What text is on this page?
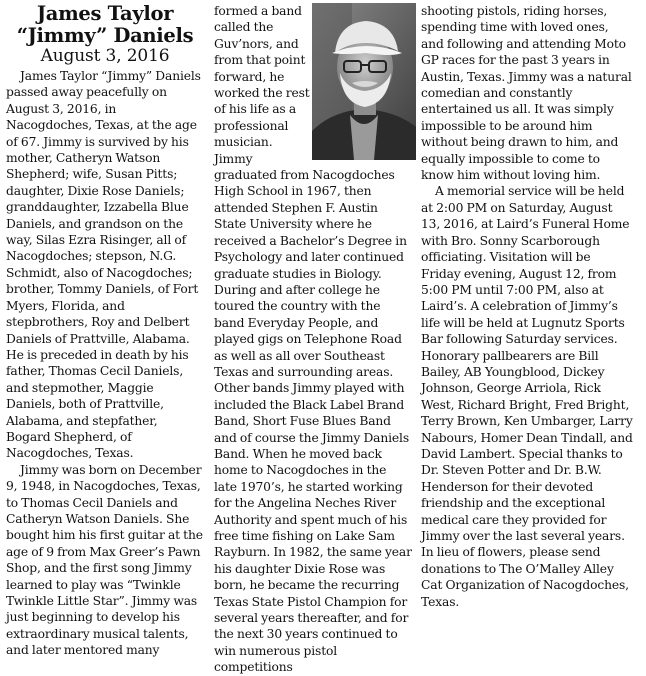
James Taylor
“Jimmy” Daniels
August 3, 2016

James Taylor “Jimmy” Daniels passed away peacefully on August 3, 2016, in Nacogdoches, Texas, at the age of 67. Jimmy is survived by his mother, Catheryn Watson Shepherd; wife, Susan Pitts; daughter, Dixie Rose Daniels; granddaughter, Izzabella Blue Daniels, and grandson on the way, Silas Ezra Risinger, all of Nacogdoches; stepson, N.G. Schmidt, also of Nacogdoches; brother, Tommy Daniels, of Fort Myers, Florida, and stepbrothers, Roy and Delbert Daniels of Prattville, Alabama. He is preceded in death by his father, Thomas Cecil Daniels, and stepmother, Maggie Daniels, both of Prattville, Alabama, and stepfather, Bogard Shepherd, of Nacogdoches, Texas.

Jimmy was born on December 9, 1948, in Nacogdoches, Texas, to Thomas Cecil Daniels and Catheryn Watson Daniels. She bought him his first guitar at the age of 9 from Max Greer’s Pawn Shop, and the first song Jimmy learned to play was “Twinkle Twinkle Little Star”. Jimmy was just beginning to develop his extraordinary musical talents, and later mentored many

formed a band called the Guv’nors, and from that point forward, he worked the rest of his life as a professional musician. Jimmy graduated from Nacogdoches High School in 1967, then attended Stephen F. Austin State University where he received a Bachelor’s Degree in Psychology and later continued graduate studies in Biology. During and after college he toured the country with the band Everyday People, and played gigs on Telephone Road as well as all over Southeast Texas and surrounding areas. Other bands Jimmy played with included the Black Label Brand Band, Short Fuse Blues Band and of course the Jimmy Daniels Band. When he moved back home to Nacogdoches in the late 1970’s, he started working for the Angelina Neches River Authority and spent much of his free time fishing on Lake Sam Rayburn. In 1982, the same year his daughter Dixie Rose was born, he became the recurring Texas State Pistol Champion for several years thereafter, and for the next 30 years continued to win numerous pistol competitions

shooting pistols, riding horses, spending time with loved ones, and following and attending Moto GP races for the past 3 years in Austin, Texas. Jimmy was a natural comedian and constantly entertained us all. It was simply impossible to be around him without being drawn to him, and equally impossible to come to know him without loving him.

A memorial service will be held at 2:00 PM on Saturday, August 13, 2016, at Laird’s Funeral Home with Bro. Sonny Scarborough officiating. Visitation will be Friday evening, August 12, from 5:00 PM until 7:00 PM, also at Laird’s. A celebration of Jimmy’s life will be held at Lugnutz Sports Bar following Saturday services. Honorary pallbearers are Bill Bailey, AB Youngblood, Dickey Johnson, George Arriola, Rick West, Richard Bright, Fred Bright, Terry Brown, Ken Umbarger, Larry Nabours, Homer Dean Tindall, and David Lambert. Special thanks to Dr. Steven Potter and Dr. B.W. Henderson for their devoted friendship and the exceptional medical care they provided for Jimmy over the last several years. In lieu of flowers, please send donations to The O’Malley Alley Cat Organization of Nacogdoches, Texas.
